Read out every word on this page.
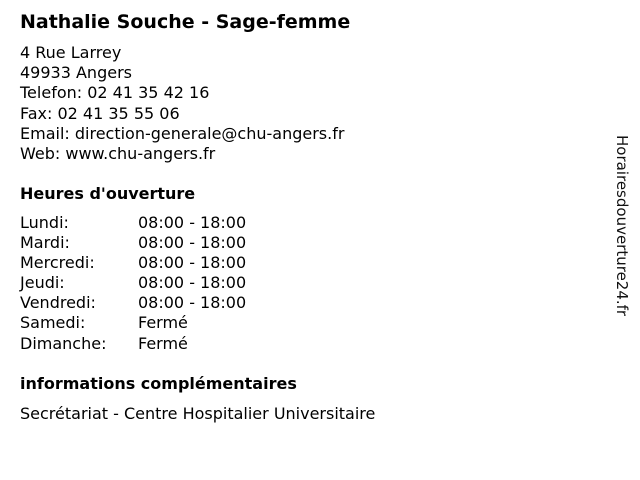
Nathalie Souche - Sage-femme
4 Rue Larrey
49933 Angers
Telefon: 02 41 35 42 16
Fax: 02 41 35 55 06
Email: direction-generale@chu-angers.fr
Web: www.chu-angers.fr
Heures d'ouverture
Lundi:	08:00 - 18:00
Mardi:	08:00 - 18:00
Mercredi:	08:00 - 18:00
Jeudi:	08:00 - 18:00
Vendredi:	08:00 - 18:00
Samedi:	Fermé
Dimanche: Fermé
informations complémentaires
Secrétariat - Centre Hospitalier Universitaire
Horairesdouverture24.fr
